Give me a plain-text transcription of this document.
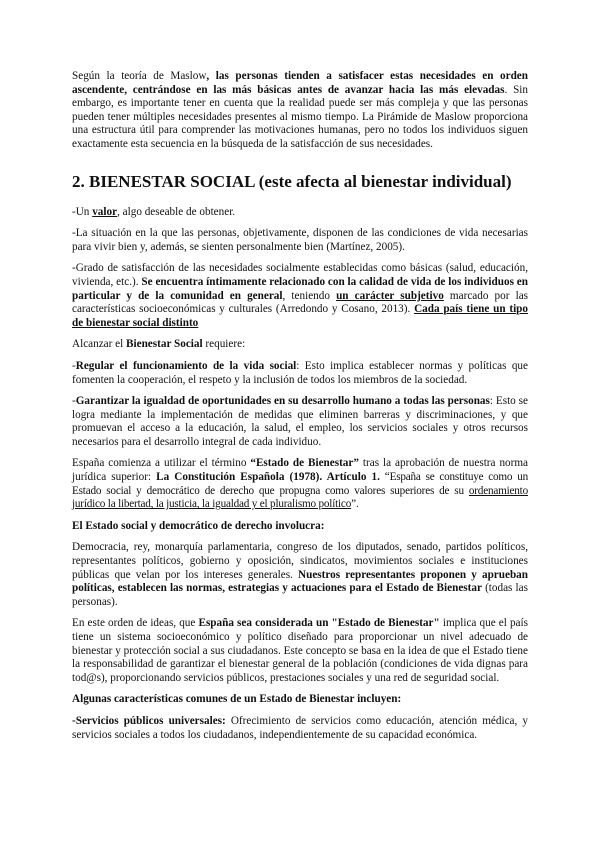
Según la teoría de Maslow, las personas tienden a satisfacer estas necesidades en orden ascendente, centrándose en las más básicas antes de avanzar hacia las más elevadas. Sin embargo, es importante tener en cuenta que la realidad puede ser más compleja y que las personas pueden tener múltiples necesidades presentes al mismo tiempo. La Pirámide de Maslow proporciona una estructura útil para comprender las motivaciones humanas, pero no todos los individuos siguen exactamente esta secuencia en la búsqueda de la satisfacción de sus necesidades.

2. BIENESTAR SOCIAL (este afecta al bienestar individual)

-Un valor, algo deseable de obtener.

-La situación en la que las personas, objetivamente, disponen de las condiciones de vida necesarias para vivir bien y, además, se sienten personalmente bien (Martínez, 2005).

-Grado de satisfacción de las necesidades socialmente establecidas como básicas (salud, educación, vivienda, etc.). Se encuentra íntimamente relacionado con la calidad de vida de los individuos en particular y de la comunidad en general, teniendo un carácter subjetivo marcado por las características socioeconómicas y culturales (Arredondo y Cosano, 2013). Cada país tiene un tipo de bienestar social distinto

Alcanzar el Bienestar Social requiere:

-Regular el funcionamiento de la vida social: Esto implica establecer normas y políticas que fomenten la cooperación, el respeto y la inclusión de todos los miembros de la sociedad.

-Garantizar la igualdad de oportunidades en su desarrollo humano a todas las personas: Esto se logra mediante la implementación de medidas que eliminen barreras y discriminaciones, y que promuevan el acceso a la educación, la salud, el empleo, los servicios sociales y otros recursos necesarios para el desarrollo integral de cada individuo.

España comienza a utilizar el término “Estado de Bienestar” tras la aprobación de nuestra norma jurídica superior: La Constitución Española (1978). Artículo 1. “España se constituye como un Estado social y democrático de derecho que propugna como valores superiores de su ordenamiento jurídico la libertad, la justicia, la igualdad y el pluralismo político”.

El Estado social y democrático de derecho involucra:

Democracia, rey, monarquía parlamentaria, congreso de los diputados, senado, partidos políticos, representantes políticos, gobierno y oposición, sindicatos, movimientos sociales e instituciones públicas que velan por los intereses generales. Nuestros representantes proponen y aprueban políticas, establecen las normas, estrategias y actuaciones para el Estado de Bienestar (todas las personas).

En este orden de ideas, que España sea considerada un "Estado de Bienestar" implica que el país tiene un sistema socioeconómico y político diseñado para proporcionar un nivel adecuado de bienestar y protección social a sus ciudadanos. Este concepto se basa en la idea de que el Estado tiene la responsabilidad de garantizar el bienestar general de la población (condiciones de vida dignas para tod@s), proporcionando servicios públicos, prestaciones sociales y una red de seguridad social.

Algunas características comunes de un Estado de Bienestar incluyen:

-Servicios públicos universales: Ofrecimiento de servicios como educación, atención médica, y servicios sociales a todos los ciudadanos, independientemente de su capacidad económica.
